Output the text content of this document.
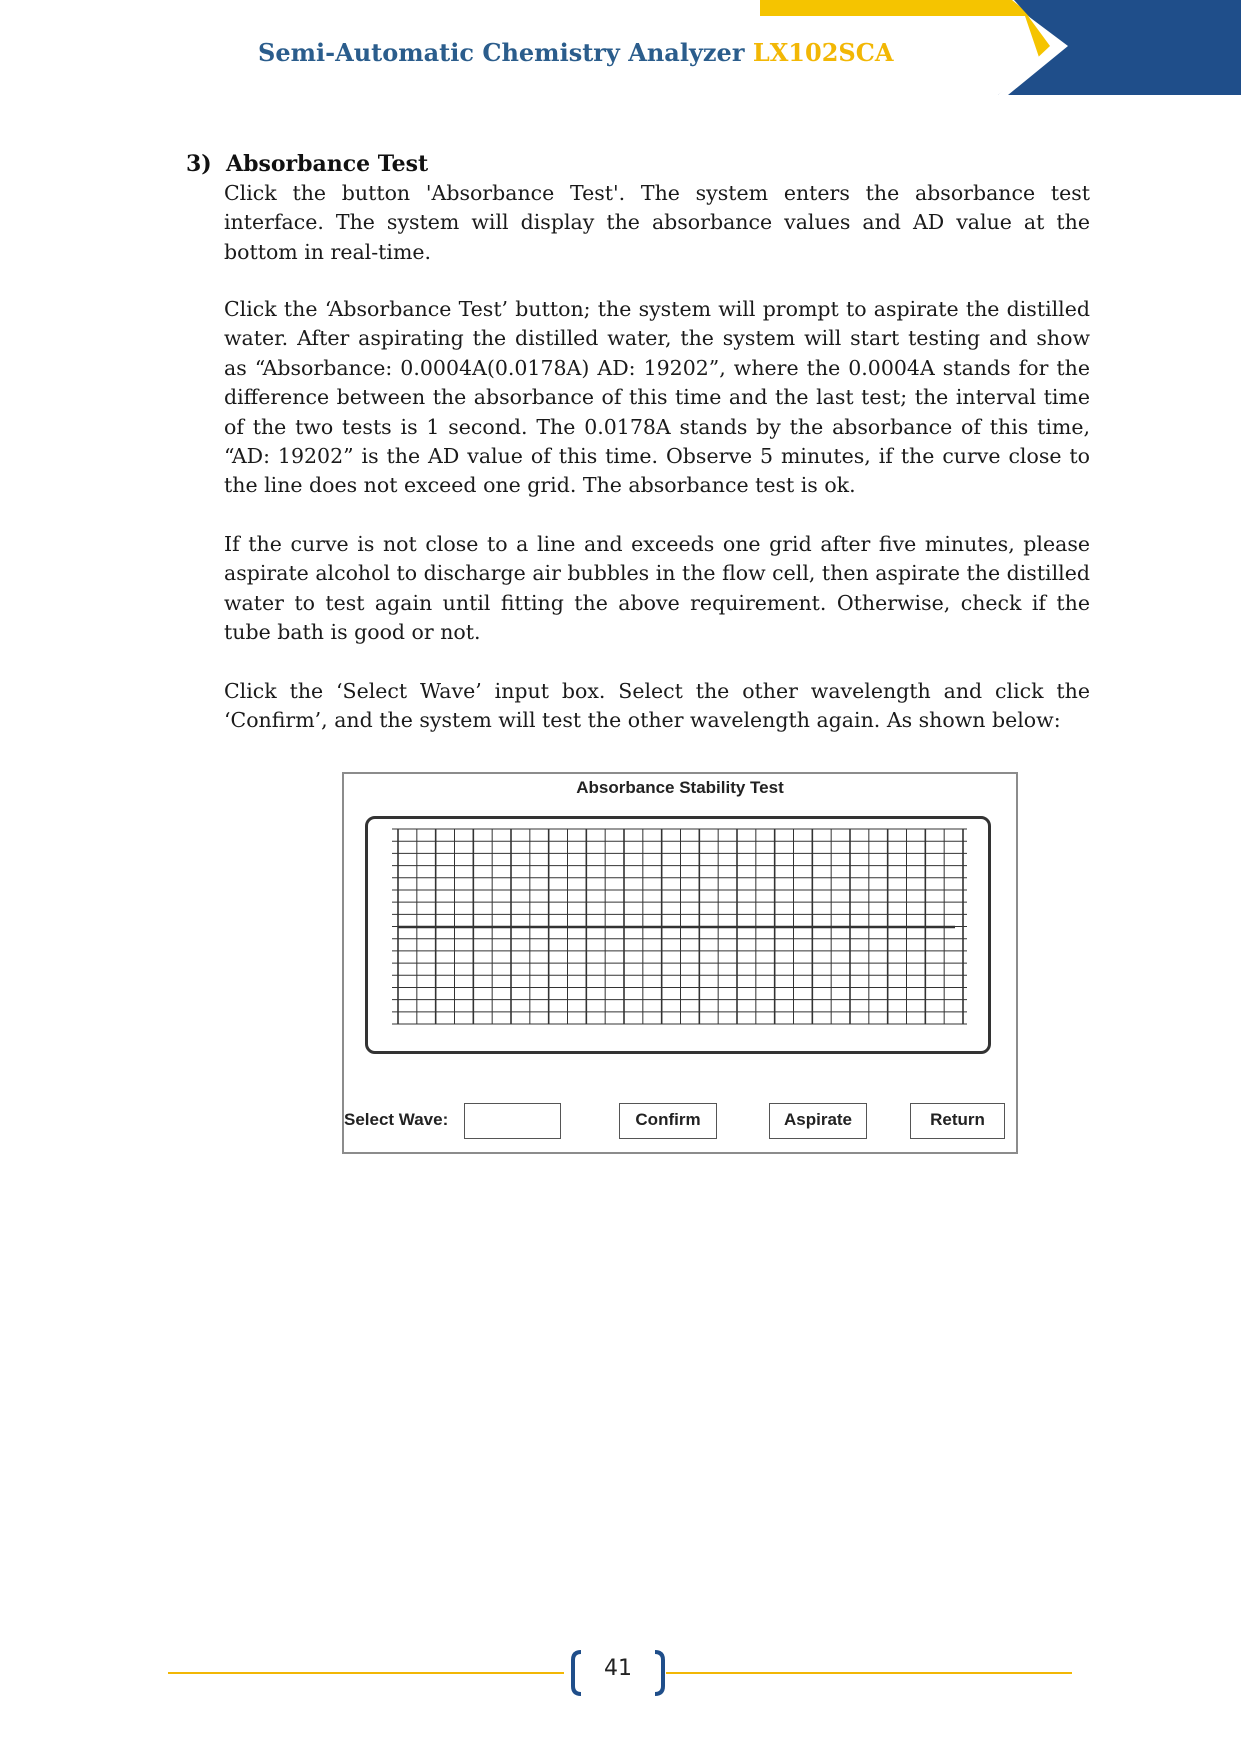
Semi-Automatic Chemistry Analyzer LX102SCA
3) Absorbance Test

Click the button 'Absorbance Test'. The system enters the absorbance test interface. The system will display the absorbance values and AD value at the bottom in real-time.

Click the ‘Absorbance Test’ button; the system will prompt to aspirate the distilled water. After aspirating the distilled water, the system will start testing and show as “Absorbance: 0.0004A(0.0178A) AD: 19202”, where the 0.0004A stands for the difference between the absorbance of this time and the last test; the interval time of the two tests is 1 second. The 0.0178A stands by the absorbance of this time, “AD: 19202” is the AD value of this time. Observe 5 minutes, if the curve close to the line does not exceed one grid. The absorbance test is ok.

If the curve is not close to a line and exceeds one grid after five minutes, please aspirate alcohol to discharge air bubbles in the flow cell, then aspirate the distilled water to test again until fitting the above requirement. Otherwise, check if the tube bath is good or not.

Click the ‘Select Wave’ input box. Select the other wavelength and click the ‘Confirm’, and the system will test the other wavelength again. As shown below:

Absorbance Stability Test
Select Wave:	Confirm	Aspirate	Return
41
